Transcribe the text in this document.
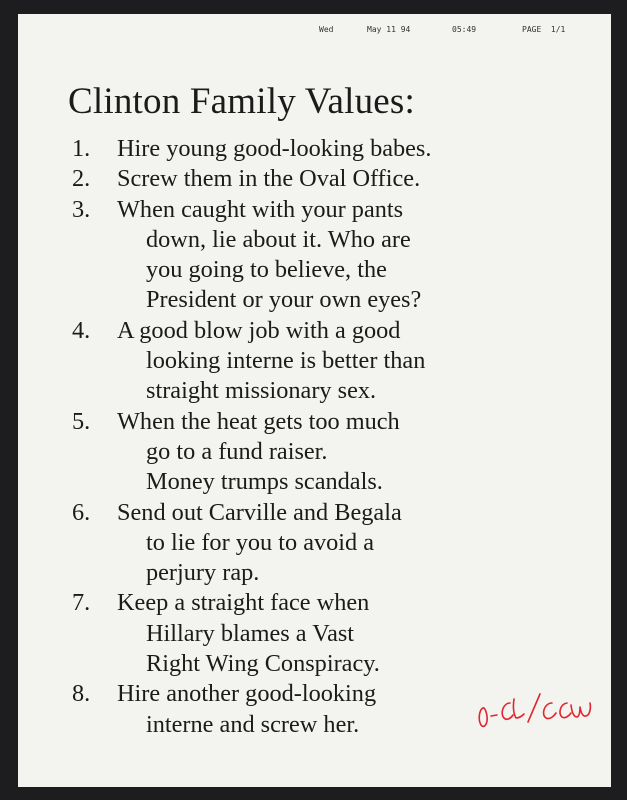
Wed	May 11 94	05:49	PAGE  1/1
Clinton Family Values:
1. Hire young good-looking babes.
2. Screw them in the Oval Office.
3. When caught with your pants
down, lie about it. Who are
you going to believe, the
President or your own eyes?
4. A good blow job with a good
looking interne is better than
straight missionary sex.
5. When the heat gets too much
go to a fund raiser.
Money trumps scandals.
6. Send out Carville and Begala
to lie for you to avoid a
perjury rap.
7. Keep a straight face when
Hillary blames a Vast
Right Wing Conspiracy.
8. Hire another good-looking
interne and screw her.
